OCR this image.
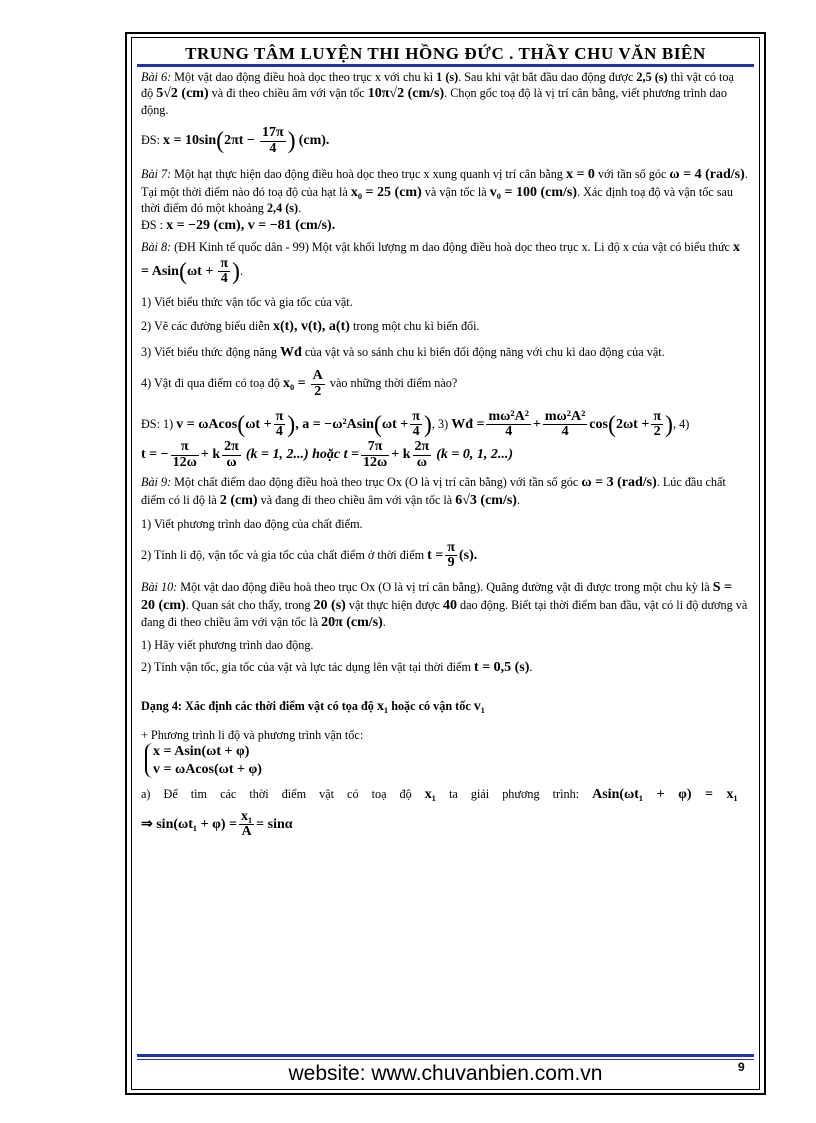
TRUNG TÂM LUYỆN THI HỒNG ĐỨC . THẦY CHU VĂN BIÊN

Bài 6: Một vật dao động điều hoà dọc theo trục x với chu kì 1 (s). Sau khi vật bắt đầu dao động được 2,5 (s) thì vật có toạ độ 5√2 (cm) và đi theo chiều âm với vận tốc 10π√2 (cm/s). Chọn gốc toạ độ là vị trí cân bằng, viết phương trình dao động.

ĐS: $x = 10\sin(2\pi t - \frac{17\pi}{4}$ ) (cm).

Bài 7: Một hạt thực hiện dao động điều hoà dọc theo trục x xung quanh vị trí cân bằng x = 0 với tần số góc ω = 4 (rad/s). Tại một thời điểm nào đó toạ độ của hạt là x₀ = 25 (cm) và vận tốc là v₀ = 100 (cm/s). Xác định toạ độ và vận tốc sau thời điểm đó một khoảng 2,4 (s).

ĐS : x = −29 (cm), v = −81 (cm/s).

Bài 8: (ĐH Kinh tế quốc dân - 99) Một vật khối lượng m dao động điều hoà dọc theo trục x. Li độ x của vật có biểu thức $x = Asin(\omega t + \frac{\pi}{4}$ ).

1) Viết biểu thức vận tốc và gia tốc của vật.

2) Vẽ các đường biểu diễn x(t), v(t), a(t) trong một chu kì biến đổi.

3) Viết biểu thức động năng Wđ của vật và so sánh chu kì biến đổi động năng với chu kì dao động của vật.

4) Vật đi qua điểm có toạ độ $x_0 = \frac{A}{2}$ vào những thời điểm nào?

ĐS: 1) $v = \omega Acos(\omega t + \frac{\pi}{4}$ ), $a = -\omega^2Asin(\omega t + \frac{\pi}{4}$ ), 3) Wđ = $\frac{\text{mω²A²}}{4} + \frac{\text{mω²A²}}{4} \cos(2\omega t + \frac{\pi}{2}$ ), 4)

t = − $\frac{\pi}{12\omega} + k \frac{2\pi}{\omega} (k = 1$, 2...) hoặc $t = \frac{7\pi}{12\omega} + k \frac{2\pi}{\omega} (k = 0$, 1, 2...)

Bài 9: Một chất điểm dao động điều hoà theo trục Ox (O là vị trí cân bằng) với tần số góc ω = 3 (rad/s). Lúc đầu chất điểm có li độ là 2 (cm) và đang đi theo chiều âm với vận tốc là 6√3 (cm/s).

1) Viết phương trình dao động của chất điểm.

2) Tính li độ, vận tốc và gia tốc của chất điểm ở thời điểm $t = \frac{\pi}{9} (s)$.

Bài 10: Một vật dao động điều hoà theo trục Ox (O là vị trí cân bằng). Quãng đường vật đi được trong một chu kỳ là S = 20 (cm). Quan sát cho thấy, trong 20 (s) vật thực hiện được 40 dao động. Biết tại thời điểm ban đầu, vật có li độ dương và đang đi theo chiều âm với vận tốc là 20π (cm/s).

1) Hãy viết phương trình dao động.

2) Tính vận tốc, gia tốc của vật và lực tác dụng lên vật tại thời điểm t = 0,5 (s).

Dạng 4: Xác định các thời điểm vật có tọa độ x₁ hoặc có vận tốc v₁

+ Phương trình li độ và phương trình vận tốc:

x = Asin(ωt + φ)
v = ωAcos(ωt + φ)

a) Để tìm các thời điểm vật có toạ độ x₁ ta giải phương trình: Asin(ωt₁ + φ) = x₁

⇒ $\sin(\omega t_1 + \varphi) = \frac{\text{x₁}}{A} = \sin\alpha$

website: www.chuvanbien.com.vn	9
